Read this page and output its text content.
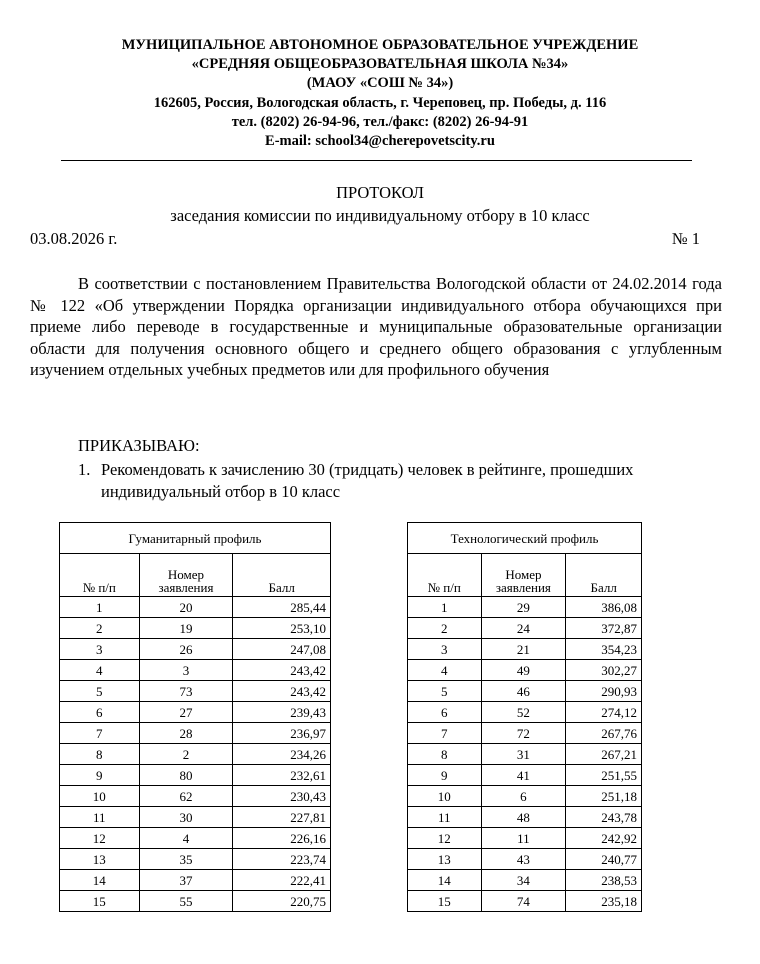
МУНИЦИПАЛЬНОЕ АВТОНОМНОЕ ОБРАЗОВАТЕЛЬНОЕ УЧРЕЖДЕНИЕ
«СРЕДНЯЯ ОБЩЕОБРАЗОВАТЕЛЬНАЯ ШКОЛА №34»
(МАОУ «СОШ № 34»)
162605, Россия, Вологодская область, г. Череповец, пр. Победы, д. 116
тел. (8202) 26-94-96, тел./факс: (8202) 26-94-91
E-mail: school34@cherepovetscity.ru
ПРОТОКОЛ
заседания комиссии по индивидуальному отбору в 10 класс
03.08.2026 г.	№ 1
В соответствии с постановлением Правительства Вологодской области от 24.02.2014 года № 122 «Об утверждении Порядка организации индивидуального отбора обучающихся при приеме либо переводе в государственные и муниципальные образовательные организации области для получения основного общего и среднего общего образования с углубленным изучением отдельных учебных предметов или для профильного обучения
ПРИКАЗЫВАЮ:
1. Рекомендовать к зачислению 30 (тридцать) человек в рейтинге, прошедших индивидуальный отбор в 10 класс
Гуманитарный профиль		
№ п/п	Номер заявления	Балл
1	20	285,44
2	19	253,10
3	26	247,08
4	3	243,42
5	73	243,42
6	27	239,43
7	28	236,97
8	2	234,26
9	80	232,61
10	62	230,43
11	30	227,81
12	4	226,16
13	35	223,74
14	37	222,41
15	55	220,75
Технологический профиль		
№ п/п	Номер заявления	Балл
1	29	386,08
2	24	372,87
3	21	354,23
4	49	302,27
5	46	290,93
6	52	274,12
7	72	267,76
8	31	267,21
9	41	251,55
10	6	251,18
11	48	243,78
12	11	242,92
13	43	240,77
14	34	238,53
15	74	235,18
